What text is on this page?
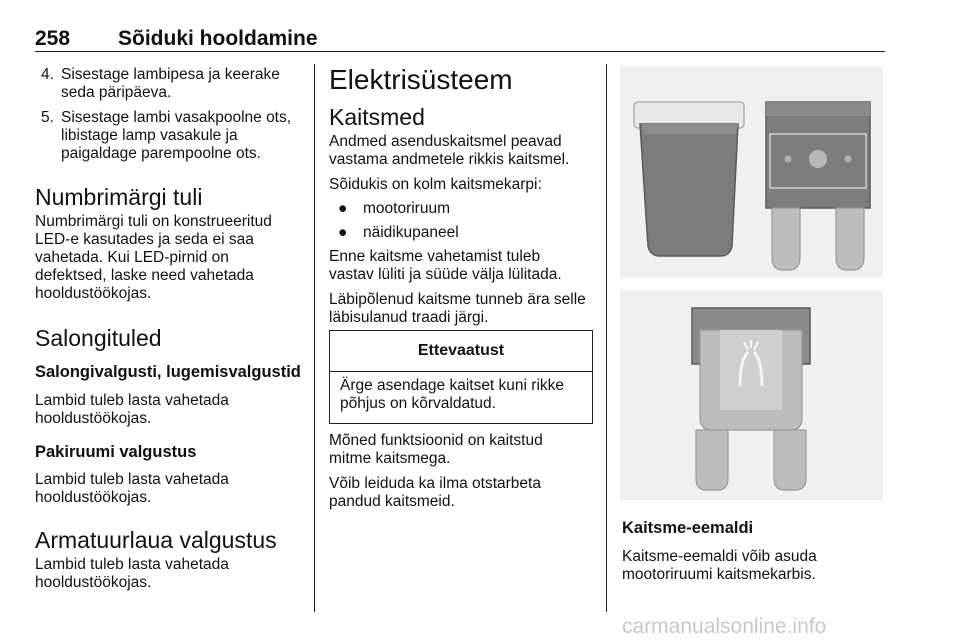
258 Sõiduki hooldamine
4. Sisestage lambipesa ja keerake
seda päripäeva.
5. Sisestage lambi vasakpoolne ots,
libistage lamp vasakule ja
paigaldage parempoolne ots.
Numbrimärgi tuli
Numbrimärgi tuli on konstrueeritud
LED-e kasutades ja seda ei saa
vahetada. Kui LED-pirnid on
defektsed, laske need vahetada
hooldustöökojas.
Salongituled
Salongivalgusti, lugemisvalgustid
Lambid tuleb lasta vahetada
hooldustöökojas.
Pakiruumi valgustus
Lambid tuleb lasta vahetada
hooldustöökojas.
Armatuurlaua valgustus
Lambid tuleb lasta vahetada
hooldustöökojas.
Elektrisüsteem
Kaitsmed
Andmed asenduskaitsmel peavad
vastama andmetele rikkis kaitsmel.
Sõidukis on kolm kaitsmekarpi:
● mootoriruum
● näidikupaneel
Enne kaitsme vahetamist tuleb
vastav lüliti ja süüde välja lülitada.
Läbipõlenud kaitsme tunneb ära selle
läbisulanud traadi järgi.
Ettevaatust
Ärge asendage kaitset kuni rikke
põhjus on kõrvaldatud.
Mõned funktsioonid on kaitstud
mitme kaitsmega.
Võib leiduda ka ilma otstarbeta
pandud kaitsmeid.
Kaitsme-eemaldi
Kaitsme-eemaldi võib asuda
mootoriruumi kaitsmekarbis.
carmanualsonline.info
